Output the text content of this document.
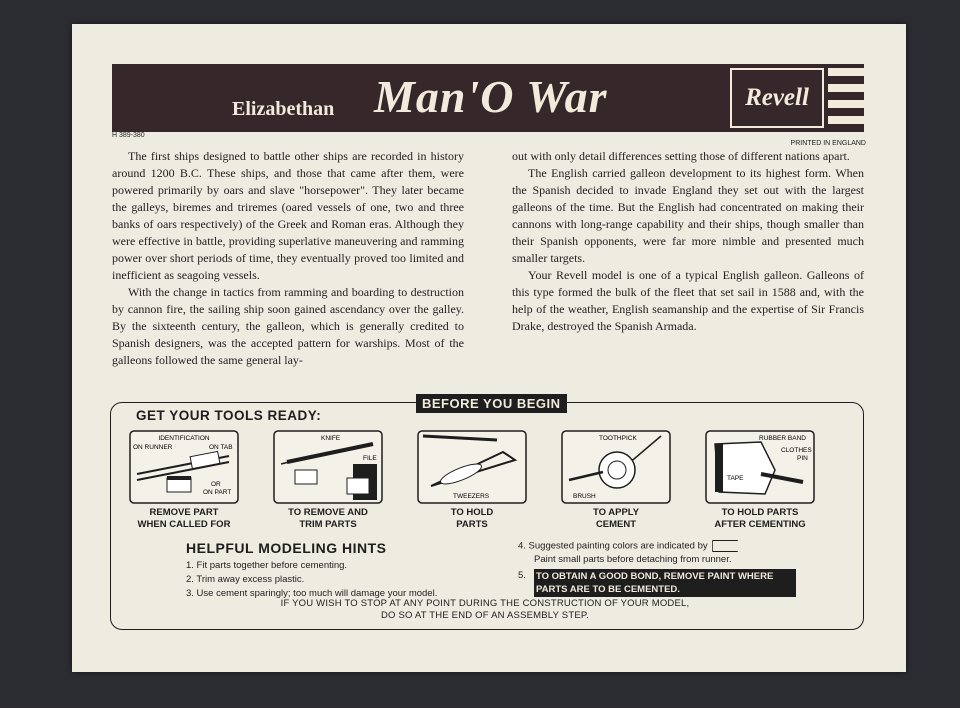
Elizabethan Man'O War	Revell
H 389-380
PRINTED IN ENGLAND

The first ships designed to battle other ships are recorded in history around 1200 B.C. These ships, and those that came after them, were powered primarily by oars and slave "horsepower". They later became the galleys, biremes and triremes (oared vessels of one, two and three banks of oars respectively) of the Greek and Roman eras. Although they were effective in battle, providing superlative maneuvering and ramming power over short periods of time, they eventually proved too limited and inefficient as seagoing vessels.

With the change in tactics from ramming and boarding to destruction by cannon fire, the sailing ship soon gained ascendancy over the galley. By the sixteenth century, the galleon, which is generally credited to Spanish designers, was the accepted pattern for warships. Most of the galleons followed the same general lay-

out with only detail differences setting those of different nations apart.

The English carried galleon development to its highest form. When the Spanish decided to invade England they set out with the largest galleons of the time. But the English had concentrated on making their cannons with long-range capability and their ships, though smaller than their Spanish opponents, were far more nimble and presented much smaller targets.

Your Revell model is one of a typical English galleon. Galleons of this type formed the bulk of the fleet that set sail in 1588 and, with the help of the weather, English seamanship and the expertise of Sir Francis Drake, destroyed the Spanish Armada.

BEFORE YOU BEGIN
GET YOUR TOOLS READY:
IDENTIFICATION
ON RUNNER	ON TAB
OR
ON PART
REMOVE PART
WHEN CALLED FOR
KNIFE
FILE
TO REMOVE AND
TRIM PARTS
TWEEZERS
TO HOLD
PARTS
TOOTHPICK
BRUSH
TO APPLY
CEMENT
RUBBER BAND
CLOTHES
PIN
TAPE
TO HOLD PARTS
AFTER CEMENTING
HELPFUL MODELING HINTS
1. Fit parts together before cementing.
2. Trim away excess plastic.
3. Use cement sparingly; too much will damage your model.
4. Suggested painting colors are indicated by
Paint small parts before detaching from runner.
5. TO OBTAIN A GOOD BOND, REMOVE PAINT WHERE PARTS ARE TO BE CEMENTED.
IF YOU WISH TO STOP AT ANY POINT DURING THE CONSTRUCTION OF YOUR MODEL,
DO SO AT THE END OF AN ASSEMBLY STEP.
